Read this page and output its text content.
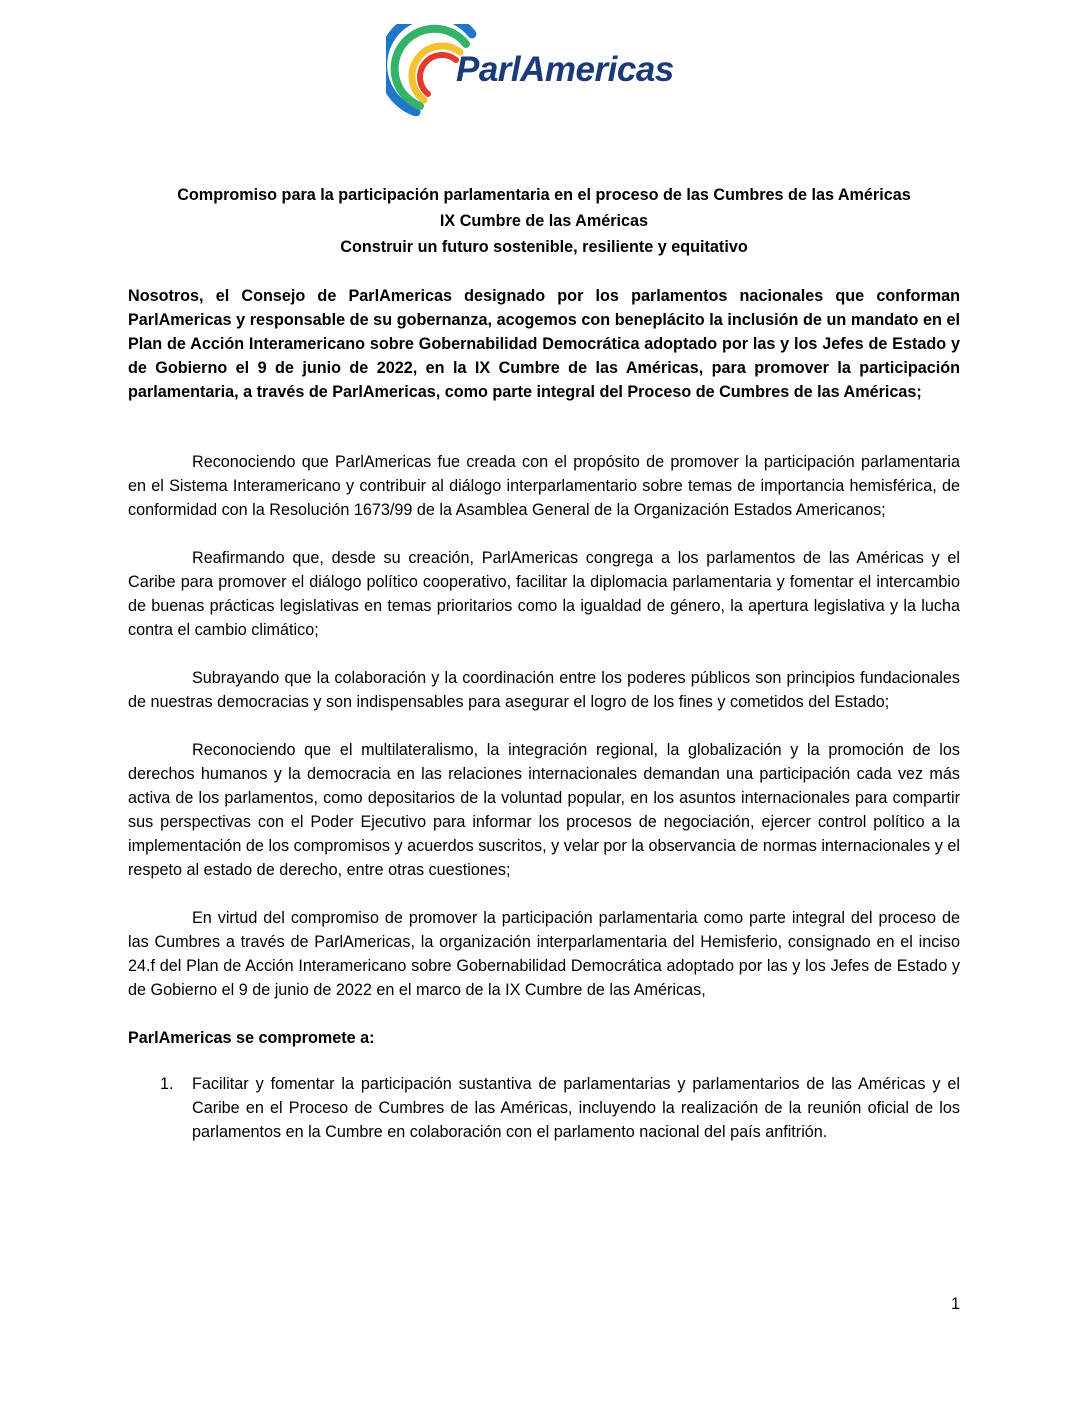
ParlAmericas
Compromiso para la participación parlamentaria en el proceso de las Cumbres de las Américas
IX Cumbre de las Américas
Construir un futuro sostenible, resiliente y equitativo

Nosotros, el Consejo de ParlAmericas designado por los parlamentos nacionales que conforman ParlAmericas y responsable de su gobernanza, acogemos con beneplácito la inclusión de un mandato en el Plan de Acción Interamericano sobre Gobernabilidad Democrática adoptado por las y los Jefes de Estado y de Gobierno el 9 de junio de 2022, en la IX Cumbre de las Américas, para promover la participación parlamentaria, a través de ParlAmericas, como parte integral del Proceso de Cumbres de las Américas;

Reconociendo que ParlAmericas fue creada con el propósito de promover la participación parlamentaria en el Sistema Interamericano y contribuir al diálogo interparlamentario sobre temas de importancia hemisférica, de conformidad con la Resolución 1673/99 de la Asamblea General de la Organización Estados Americanos;

Reafirmando que, desde su creación, ParlAmericas congrega a los parlamentos de las Américas y el Caribe para promover el diálogo político cooperativo, facilitar la diplomacia parlamentaria y fomentar el intercambio de buenas prácticas legislativas en temas prioritarios como la igualdad de género, la apertura legislativa y la lucha contra el cambio climático;

Subrayando que la colaboración y la coordinación entre los poderes públicos son principios fundacionales de nuestras democracias y son indispensables para asegurar el logro de los fines y cometidos del Estado;

Reconociendo que el multilateralismo, la integración regional, la globalización y la promoción de los derechos humanos y la democracia en las relaciones internacionales demandan una participación cada vez más activa de los parlamentos, como depositarios de la voluntad popular, en los asuntos internacionales para compartir sus perspectivas con el Poder Ejecutivo para informar los procesos de negociación, ejercer control político a la implementación de los compromisos y acuerdos suscritos, y velar por la observancia de normas internacionales y el respeto al estado de derecho, entre otras cuestiones;

En virtud del compromiso de promover la participación parlamentaria como parte integral del proceso de las Cumbres a través de ParlAmericas, la organización interparlamentaria del Hemisferio, consignado en el inciso 24.f del Plan de Acción Interamericano sobre Gobernabilidad Democrática adoptado por las y los Jefes de Estado y de Gobierno el 9 de junio de 2022 en el marco de la IX Cumbre de las Américas,

ParlAmericas se compromete a:
1. Facilitar y fomentar la participación sustantiva de parlamentarias y parlamentarios de las Américas y el Caribe en el Proceso de Cumbres de las Américas, incluyendo la realización de la reunión oficial de los parlamentos en la Cumbre en colaboración con el parlamento nacional del país anfitrión.

1
